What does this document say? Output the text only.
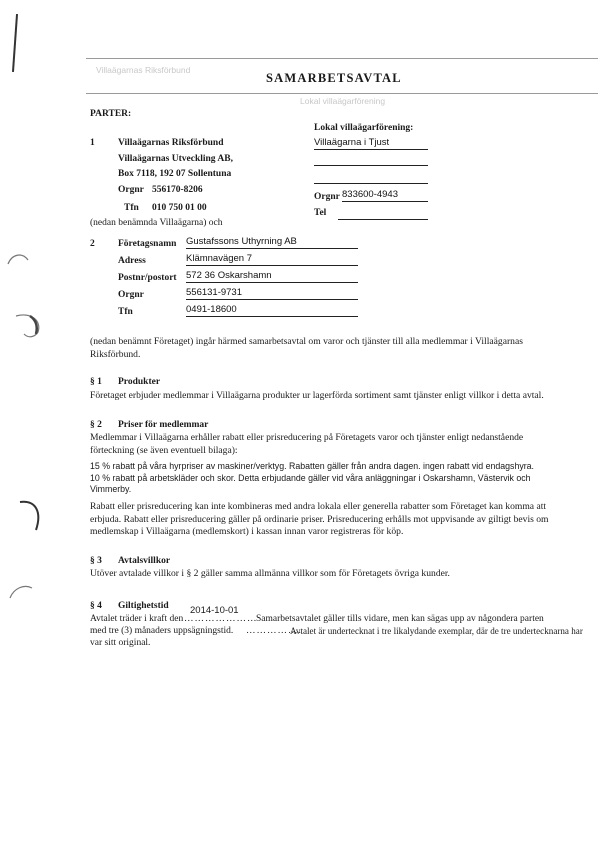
Villaägarnas Riksförbund
Lokal villaägarförening
SAMARBETSAVTAL
PARTER:
1 Villaägarnas Riksförbund
Villaägarnas Utveckling AB,
Box 7118, 192 07 Sollentuna
Orgnr 556170-8206
Tfn 010 750 01 00
(nedan benämnda Villaägarna) och
Lokal villaägarförening:
Villaägarna i Tjust
Orgnr 833600-4943
Tel
2 Företagsnamn Gustafssons Uthyrning AB
Adress	Klämnavägen 7
Postnr/postort 572 36 Oskarshamn
Orgnr	556131-9731
Tfn	0491-18600
(nedan benämnt Företaget) ingår härmed samarbetsavtal om varor och tjänster till alla medlemmar i Villaägarnas Riksförbund.
§ 1 Produkter
Företaget erbjuder medlemmar i Villaägarna produkter ur lagerförda sortiment samt tjänster enligt villkor i detta avtal.
§ 2 Priser för medlemmar
Medlemmar i Villaägarna erhåller rabatt eller prisreducering på Företagets varor och tjänster enligt nedanstående förteckning (se även eventuell bilaga):
15 % rabatt på våra hyrpriser av maskiner/verktyg. Rabatten gäller från andra dagen. ingen rabatt vid endagshyra. 10 % rabatt på arbetskläder och skor. Detta erbjudande gäller vid våra anläggningar i Oskarshamn, Västervik och Vimmerby.
Rabatt eller prisreducering kan inte kombineras med andra lokala eller generella rabatter som Företaget kan komma att erbjuda. Rabatt eller prisreducering gäller på ordinarie priser. Prisreducering erhålls mot uppvisande av giltigt bevis om medlemskap i Villaägarna (medlemskort) i kassan innan varor registreras för köp.
§ 3 Avtalsvillkor
Utöver avtalade villkor i § 2 gäller samma allmänna villkor som för Företagets övriga kunder.
§ 4 Giltighetstid
Avtalet träder i kraft den …………………
2014-10-01
Samarbetsavtalet gäller tills vidare, men kan sägas upp av någondera parten
med tre (3) månaders uppsägningstid. …………….
Avtalet är undertecknat i tre likalydande exemplar, där de tre undertecknarna har
var sitt original.
